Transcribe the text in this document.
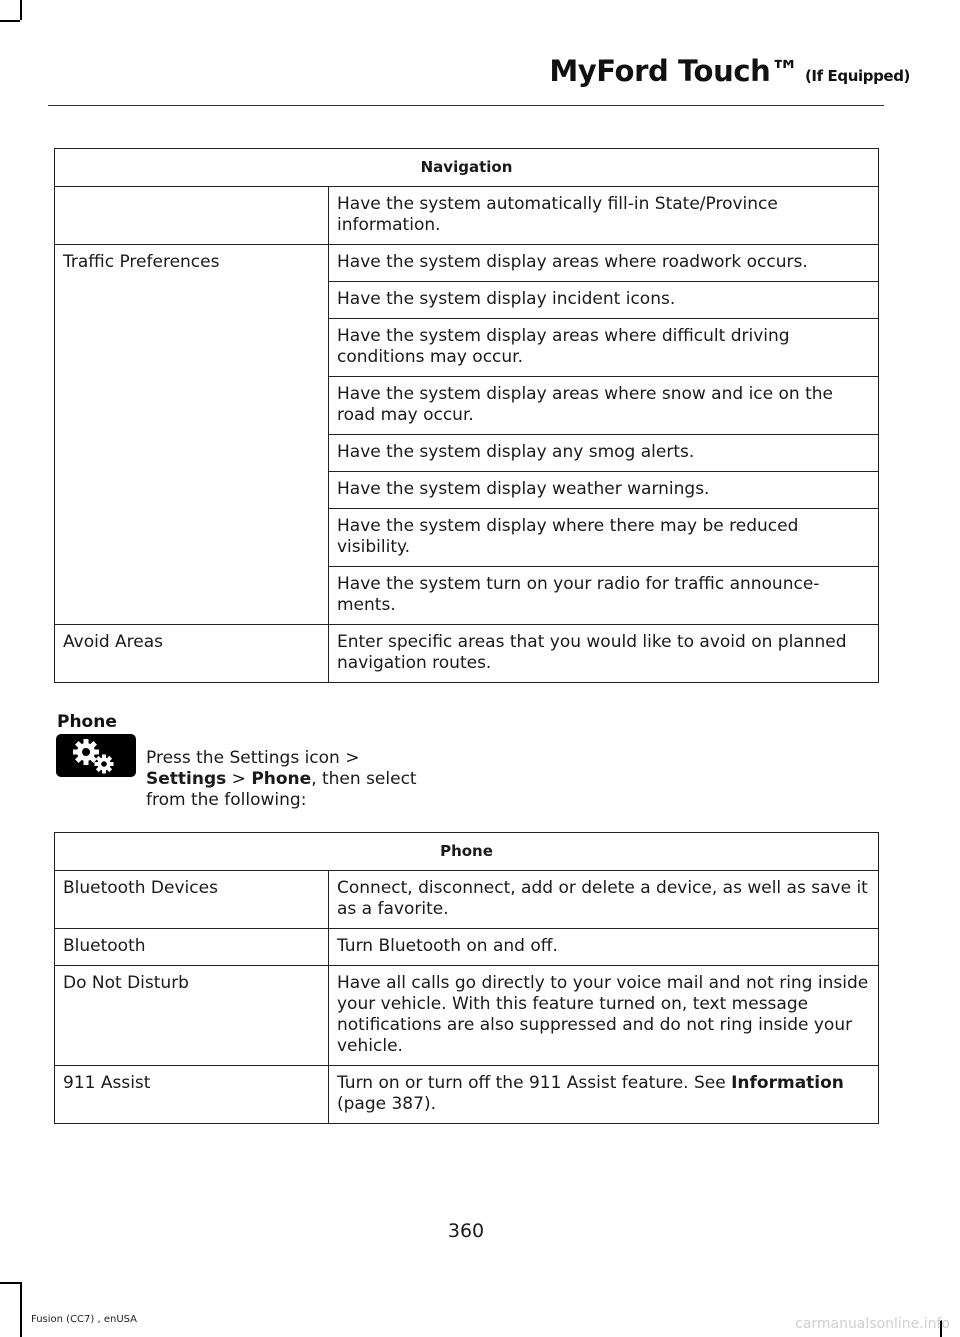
MyFord Touch™ (If Equipped)
Navigation	
	Have the system automatically fill-in State/Province information.
Traffic Preferences	Have the system display areas where roadwork occurs.
	Have the system display incident icons.
	Have the system display areas where difficult driving conditions may occur.
	Have the system display areas where snow and ice on the road may occur.
	Have the system display any smog alerts.
	Have the system display weather warnings.
	Have the system display where there may be reduced visibility.
	Have the system turn on your radio for traffic announce-ments.
Avoid Areas	Enter specific areas that you would like to avoid on planned navigation routes.
Phone
Press the Settings icon >
Settings > Phone, then select from the following:
Phone	
Bluetooth Devices	Connect, disconnect, add or delete a device, as well as save it as a favorite.
Bluetooth	Turn Bluetooth on and off.
Do Not Disturb	Have all calls go directly to your voice mail and not ring inside your vehicle. With this feature turned on, text message notifications are also suppressed and do not ring inside your vehicle.
911 Assist	Turn on or turn off the 911 Assist feature. See Information
(page 387).
360
Fusion (CC7) , enUSA	carmanualsonline.info
